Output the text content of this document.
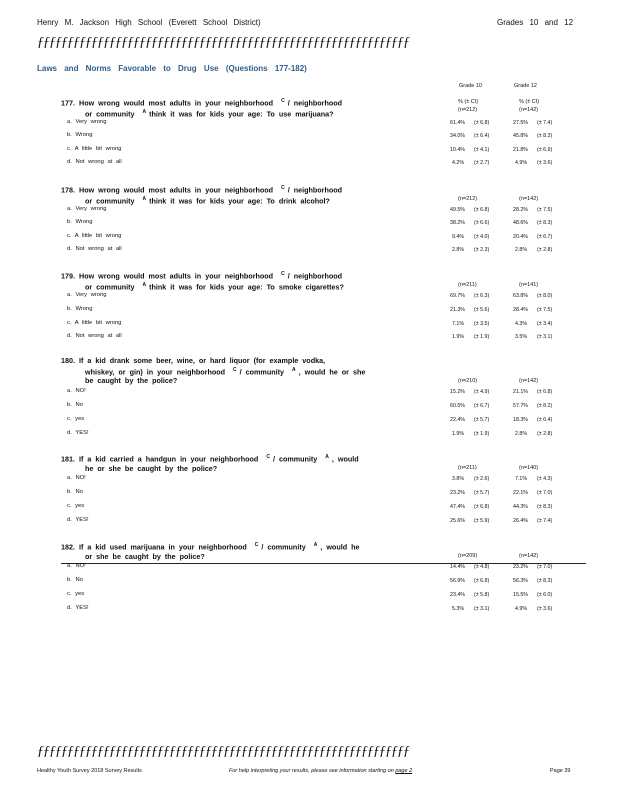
Henry M. Jackson High School (Everett School District)	Grades 10 and 12
ƒƒƒƒƒƒƒƒƒƒƒƒƒƒƒƒƒƒƒƒƒƒƒƒƒƒƒƒƒƒƒƒƒƒƒƒƒƒƒƒƒƒƒƒƒƒƒƒƒƒƒƒƒƒƒƒƒƒƒƒƒƒ
Laws and Norms Favorable to Drug Use (Questions 177-182)
Grade 10	Grade 12
% (± CI)	% (± CI)
177. How wrong would most adults in your neighborhood $^C$ / neighborhood
or community $^A$ think it was for kids your age: To use marijuana?	(n=212)	(n=142)
a. Very wrong	61.4% (± 6.8)	27.5% (± 7.4)
b. Wrong	34.0% (± 6.4)	45.8% (± 8.3)
c. A little bit wrong	10.4% (± 4.1)	21.8% (± 6.9)
d. Not wrong at all	4.2% (± 2.7)	4.9% (± 3.6)
178. How wrong would most adults in your neighborhood $^C$ / neighborhood
or community $^A$ think it was for kids your age: To drink alcohol?	(n=212)	(n=142)
a. Very wrong	49.5% (± 6.8)	28.2% (± 7.5)
b. Wrong	38.2% (± 6.6)	48.6% (± 8.3)
c. A little bit wrong	9.4% (± 4.0)	20.4% (± 6.7)
d. Not wrong at all	2.8% (± 2.3)	2.8% (± 2.8)
179. How wrong would most adults in your neighborhood $^C$ / neighborhood
or community $^A$ think it was for kids your age: To smoke cigarettes?	(n=211)	(n=141)
a. Very wrong	69.7% (± 6.3)	63.8% (± 8.0)
b. Wrong	21.3% (± 5.6)	28.4% (± 7.5)
c. A little bit wrong	7.1% (± 3.5)	4.3% (± 3.4)
d. Not wrong at all	1.9% (± 1.9)	3.5% (± 3.1)
180. If a kid drank some beer, wine, or hard liquor (for example vodka,
whiskey, or gin) in your neighborhood $^C$ / community $^A$ , would he or she
be caught by the police?	(n=210)	(n=142)
a. NO!	15.2% (± 4.9)	21.1% (± 6.8)
b. No	60.5% (± 6.7)	57.7% (± 8.2)
c. yes	22.4% (± 5.7)	18.3% (± 6.4)
d. YES!	1.9% (± 1.9)	2.8% (± 2.8)
181. If a kid carried a handgun in your neighborhood $^C$ / community $^A$ , would
he or she be caught by the police?	(n=211)	(n=140)
a. NO!	3.8% (± 2.6)	7.1% (± 4.3)
b. No	23.2% (± 5.7)	22.1% (± 7.0)
c. yes	47.4% (± 6.8)	44.3% (± 8.3)
d. YES!	25.6% (± 5.9)	26.4% (± 7.4)
182. If a kid used marijuana in your neighborhood $^C$ / community $^A$ , would he
or she be caught by the police?	(n=209)	(n=142)
a. NO!	14.4% (± 4.8)	23.2% (± 7.0)
b. No	56.9% (± 6.8)	56.3% (± 8.3)
c. yes	23.4% (± 5.8)	15.5% (± 6.0)
d. YES!	5.3% (± 3.1)	4.9% (± 3.6)
ƒƒƒƒƒƒƒƒƒƒƒƒƒƒƒƒƒƒƒƒƒƒƒƒƒƒƒƒƒƒƒƒƒƒƒƒƒƒƒƒƒƒƒƒƒƒƒƒƒƒƒƒƒƒƒƒƒƒƒƒƒƒ
Healthy Youth Survey 2018 Survey Results	For help interpreting your results, please see information starting on page 2	Page 39
